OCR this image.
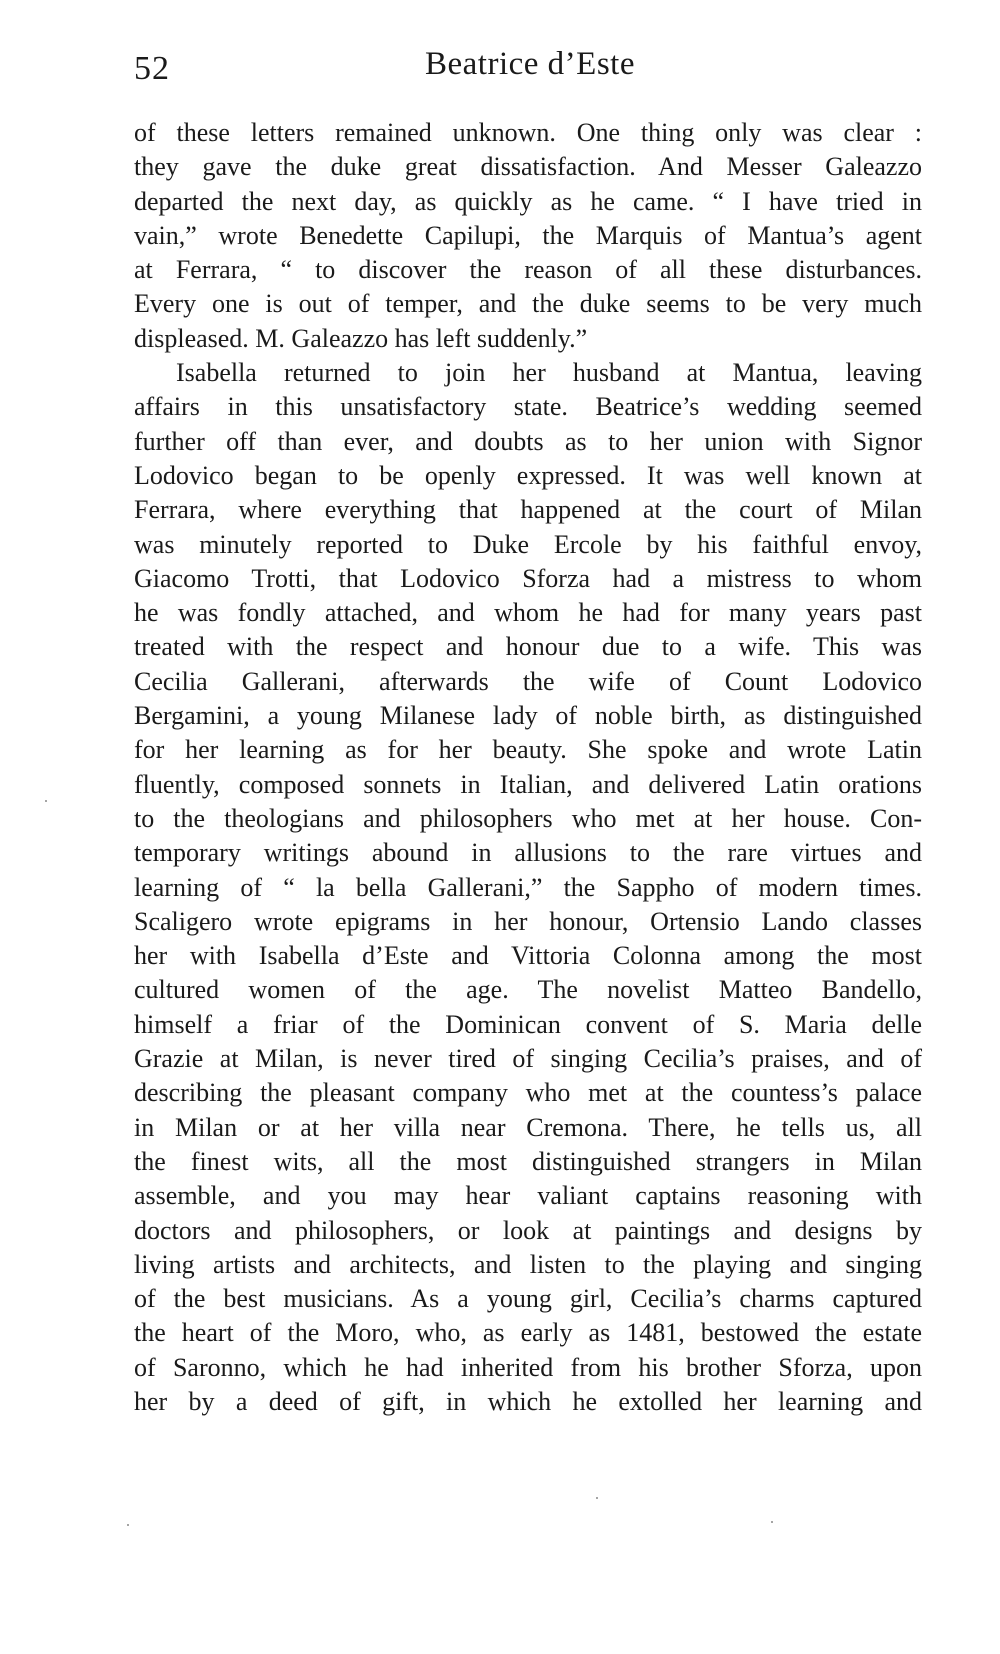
52	Beatrice d’Este
of these letters remained unknown. One thing only was clear :
they gave the duke great dissatisfaction. And Messer Galeazzo
departed the next day, as quickly as he came. “ I have tried in
vain,” wrote Benedette Capilupi, the Marquis of Mantua’s agent
at Ferrara, “ to discover the reason of all these disturbances.
Every one is out of temper, and the duke seems to be very much
displeased. M. Galeazzo has left suddenly.”
Isabella returned to join her husband at Mantua, leaving
affairs in this unsatisfactory state. Beatrice’s wedding seemed
further off than ever, and doubts as to her union with Signor
Lodovico began to be openly expressed. It was well known at
Ferrara, where everything that happened at the court of Milan
was minutely reported to Duke Ercole by his faithful envoy,
Giacomo Trotti, that Lodovico Sforza had a mistress to whom
he was fondly attached, and whom he had for many years past
treated with the respect and honour due to a wife. This was
Cecilia Gallerani, afterwards the wife of Count Lodovico
Bergamini, a young Milanese lady of noble birth, as distinguished
for her learning as for her beauty. She spoke and wrote Latin
fluently, composed sonnets in Italian, and delivered Latin orations
to the theologians and philosophers who met at her house. Con-
temporary writings abound in allusions to the rare virtues and
learning of “ la bella Gallerani,” the Sappho of modern times.
Scaligero wrote epigrams in her honour, Ortensio Lando classes
her with Isabella d’Este and Vittoria Colonna among the most
cultured women of the age. The novelist Matteo Bandello,
himself a friar of the Dominican convent of S. Maria delle
Grazie at Milan, is never tired of singing Cecilia’s praises, and of
describing the pleasant company who met at the countess’s palace
in Milan or at her villa near Cremona. There, he tells us, all
the finest wits, all the most distinguished strangers in Milan
assemble, and you may hear valiant captains reasoning with
doctors and philosophers, or look at paintings and designs by
living artists and architects, and listen to the playing and singing
of the best musicians. As a young girl, Cecilia’s charms captured
the heart of the Moro, who, as early as 1481, bestowed the estate
of Saronno, which he had inherited from his brother Sforza, upon
her by a deed of gift, in which he extolled her learning and
